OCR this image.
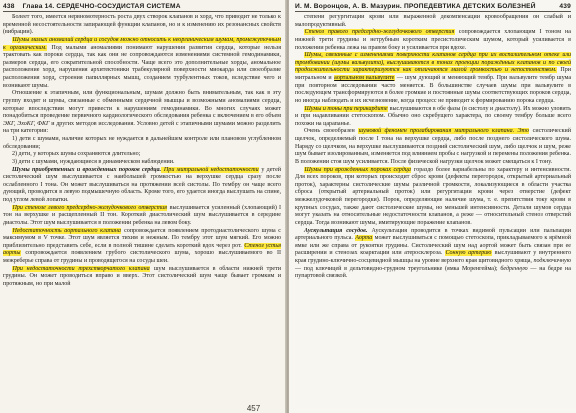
438 Глава 14. СЕРДЕЧНО-СОСУДИСТАЯ СИСТЕМА

Болеет того, имеется нервномотерность роста двух створок клапанов и хорд, что приводит не только к временной несостоятельности запирающей функции клапанов, но и к изменению их резонансных свойств (вибрации).

Шумы малых аномалий сердца и сосудов можно относить к неорганическим шумам, промежуточным к органическим. Под малыми аномалиями понимают нарушения развития сердца, которые нельзя трактовать как пороки сердца, так как они не сопровождаются изменениями системной гемодинамики, размеров сердца, его сократительной способности. Чаще всего это дополнительные хорды, аномальное расположение хорд, нарушения архитектоники трабекулярной поверхности миокарда или своеобразие расположения хорд, строения папиллярных мышц, созданием турбулентных токов, вследствие чего и возникают шумы.

Отношение к этапичным, или функциональным, шумам должно быть внимательным, так как в эту группу входят и шумы, связанные с обменными сердечной мышцы и возможными аномалиями сердца, которые впоследствии могут привести к нарушениям гемодинамики. Во многих случаях может понадобиться проведение первичного кардиологического обследования ребенка с включением в его объем ЭКГ, ЭхоКГ, ФКГ и других методов исследования. Условно детей с этапичными шумами можно разделить на три категории:

1) дети с шумами, наличие которых не нуждается в дальнейшем контроле или плановом углубленном обследовании;

2) дети, у которых шумы сохраняются длительно;

3) дети с шумами, нуждающиеся в динамическом наблюдении.

Шумы приобретенных и врожденных пороков сердца. При митральной недостаточности у детей систолический шум выслушивается с наибольшей громкостью на верхушке сердца сразу после ослабленного I тона. Он может выслушиваться на протяжении всей систолы. По тембру он чаще всего дующий, проводится в левую подмышечную область. Кроме того, его удается иногда выслушать на спине, под углом левой лопатки.

При стенозе левого предсердно-желудочкового отверстия выслушивается усиленный (хлопающий) I тон на верхушке и расщепленный II тон. Короткий диастолический шум выслушивается в середине диастолы. Этот шум выслушивается в положении ребенка на левом боку.

Недостаточность аортального клапана сопровождается появлением протодиастолического шума с максимумом в V точке. Этот шум является тихим и нежным. По тембру этот шум мягкий. Его можно приблизительно представить себе, если в полной тишине сделать короткий вдох через рот. Стеноз устья аорты сопровождается появлением грубого систолического шума, хорошо выслушиваемого во II межреберье справа от грудины и проводящегося на сосуды шеи.

При недостаточности трехстворчатого клапана шум выслушивается в области нижней трети грудины. Он может проводиться вправо и вверх. Этот систолический шум чаще бывает громким и протяжным, но при малой

457
439
И. М. Воронцов, А. В. Мазурин. ПРОПЕДЕВТИКА ДЕТСКИХ БОЛЕЗНЕЙ

степени регургитации крови или выраженной декомпенсации кровообращения он слабый и малопродуктивный.

Стеноз правого предсердно-желудочкового отверстия сопровождается хлопающим I тоном на нижней трети грудины и нетрубным коротким пресистолическим шумом, который усиливается в положении ребенка лежа на правом боку и усиливается при вдохе.

Шумы, связанные с изменениями поверхности клапанов сердца при их воспалительном отеке или тромбовании (шумы вальвулита), выслушиваются в тонах проекции поражённых клапанов и по своей продолжительности характеризуются как отличаются малой громкостью и непостоянством. При митральном и аортальном вальвулите — шум дующий и меняющий тембр. При вальвулите тембр шума при повторном исследовании часто меняется. В большинстве случаев шумы при вальвулите в последующем трансформируются в более громкие и постоянные шумы соответствующих пороков сердца, но иногда наблюдать и их исчезновение, когда процесс не приводит к формированию порока сердца.

Шумы и тоны при перикардите выслушиваются в обе фазы (в систолу и диастолу). Их можно уловить и при надавливании стетоскопом. Обычно оно скребущего характера, по своему тембру больше всего похожи на царапанье.

Очень своеобразен шумовой феномен пролабирования митрального клапана. Это систолический щелчок, определяемый после I тона на верхушке сердца, либо после позднего систолического шума. Наряду со щелчком, на верхушке выслушиваются поздний систолический шум, либо щелчок и шум, реже шум бывает изолированным, изменяется под влиянием пробы с нагрузкой и перемены положения ребенка. В положении стоя шум усиливается. После физической нагрузки щелчок может смещаться к I тону.

Шумы при врожденных пороках сердца гораздо более вариабельны по характеру и интенсивности. Для всех пороков, при которых происходит сброс крови (дефекты перегородок, открытый артериальный проток), характерны систолические шумы различной громкости, локализующиеся в области участка сброса (открытый артериальный проток) или регургитации крови через отверстие (дефект межжелудочковой перегородки). Порок, определяющие наличие шума, т. е. препятствия току крови в крупных сосудах, также дают систолические шумы, но меньшей интенсивности. Детали шумов сердца могут указать на относительные недостаточности клапанов, а реже — относительный стеноз отверстий сердца. Тогда возникают шумы, имитирующие поражение клапанов.

Аускультация сосудов. Аускультация проводится в точках видимой пульсации или пальпации артериального пульса. Аорта может выслушиваться с помощью стетоскопа, прикладываемого к ярёмной ямке или же справа от рукоятки грудины. Систолический шум над аортой может быть связан при ее расширении и стенозах коарктации или атеросклероза. Сонную артерию выслушивают у внутреннего края грудино-ключично-сосцевидной мышцы на уровне верхнего края щитовидного хряща, подключичную — под ключицей в дельтовидно-грудном треугольнике (ямка Моренгейма); бедренную — на бедре на пупартовой связкой.
